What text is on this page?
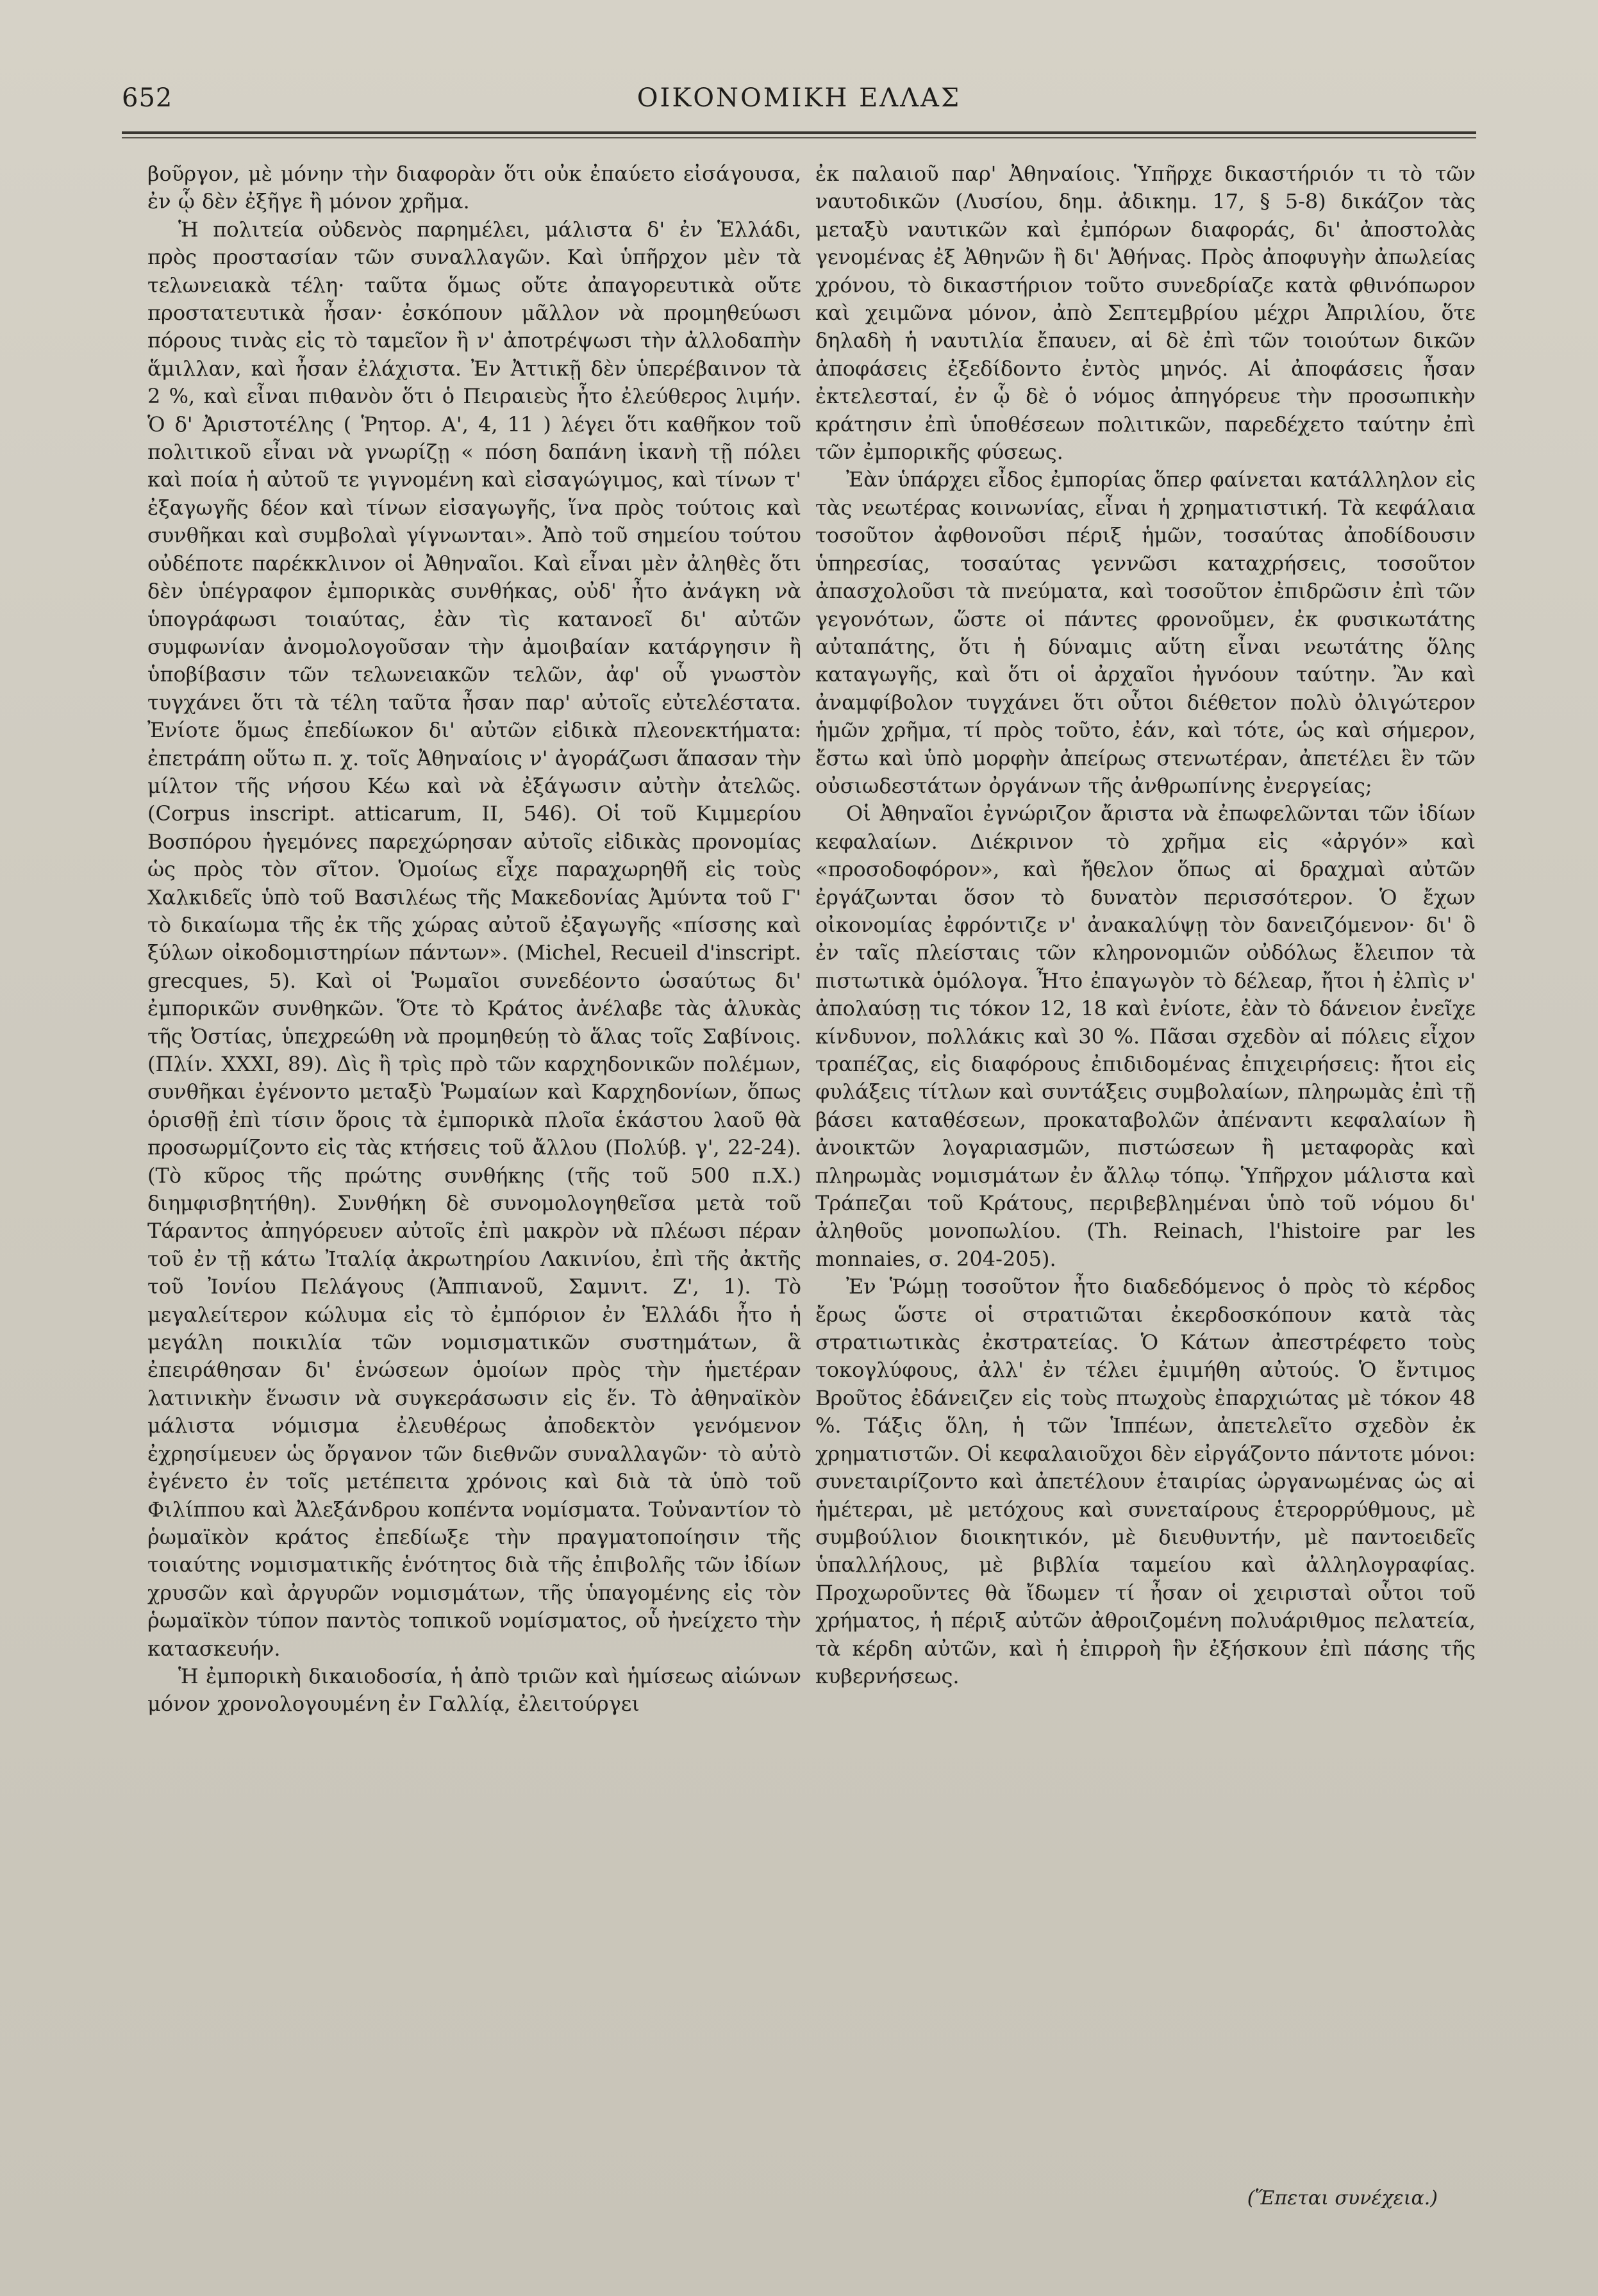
652	ΟΙΚΟΝΟΜΙΚΗ ΕΛΛΑΣ

βοῦργον, μὲ μόνην τὴν διαφορὰν ὅτι οὐκ ἐπαύετο εἰσάγουσα, ἐν ᾧ δὲν ἐξῆγε ἢ μόνον χρῆμα.

Ἡ πολιτεία οὐδενὸς παρημέλει, μάλιστα δ' ἐν Ἑλλάδι, πρὸς προστασίαν τῶν συναλλαγῶν. Καὶ ὑπῆρχον μὲν τὰ τελωνειακὰ τέλη· ταῦτα ὅμως οὔτε ἀπαγορευτικὰ οὔτε προστατευτικὰ ἦσαν· ἐσκόπουν μᾶλλον νὰ προμηθεύωσι πόρους τινὰς εἰς τὸ ταμεῖον ἢ ν' ἀποτρέψωσι τὴν ἀλλοδαπὴν ἅμιλλαν, καὶ ἦσαν ἐλάχιστα. Ἐν Ἀττικῇ δὲν ὑπερέβαινον τὰ 2 %, καὶ εἶναι πιθανὸν ὅτι ὁ Πειραιεὺς ἦτο ἐλεύθερος λιμήν. Ὁ δ' Ἀριστοτέλης ( Ῥητορ. Α', 4, 11 ) λέγει ὅτι καθῆκον τοῦ πολιτικοῦ εἶναι νὰ γνωρίζῃ « πόση δαπάνη ἱκανὴ τῇ πόλει καὶ ποία ἡ αὐτοῦ τε γιγνομένη καὶ εἰσαγώγιμος, καὶ τίνων τ' ἐξαγωγῆς δέον καὶ τίνων εἰσαγωγῆς, ἵνα πρὸς τούτοις καὶ συνθῆκαι καὶ συμβολαὶ γίγνωνται». Ἀπὸ τοῦ σημείου τούτου οὐδέποτε παρέκκλινον οἱ Ἀθηναῖοι. Καὶ εἶναι μὲν ἀληθὲς ὅτι δὲν ὑπέγραφον ἐμπορικὰς συνθήκας, οὐδ' ἦτο ἀνάγκη νὰ ὑπογράφωσι τοιαύτας, ἐὰν τὶς κατανοεῖ δι' αὐτῶν συμφωνίαν ἀνομολογοῦσαν τὴν ἀμοιβαίαν κατάργησιν ἢ ὑποβίβασιν τῶν τελωνειακῶν τελῶν, ἀφ' οὗ γνωστὸν τυγχάνει ὅτι τὰ τέλη ταῦτα ἦσαν παρ' αὐτοῖς εὐτελέστατα. Ἐνίοτε ὅμως ἐπεδίωκον δι' αὐτῶν εἰδικὰ πλεονεκτήματα: ἐπετράπη οὕτω π. χ. τοῖς Ἀθηναίοις ν' ἀγοράζωσι ἅπασαν τὴν μίλτον τῆς νήσου Κέω καὶ νὰ ἐξάγωσιν αὐτὴν ἀτελῶς. (Corpus inscript. atticarum, II, 546). Οἱ τοῦ Κιμμερίου Βοσπόρου ἡγεμόνες παρεχώρησαν αὐτοῖς εἰδικὰς προνομίας ὡς πρὸς τὸν σῖτον. Ὁμοίως εἶχε παραχωρηθῆ εἰς τοὺς Χαλκιδεῖς ὑπὸ τοῦ Βασιλέως τῆς Μακεδονίας Ἀμύντα τοῦ Γ' τὸ δικαίωμα τῆς ἐκ τῆς χώρας αὐτοῦ ἐξαγωγῆς «πίσσης καὶ ξύλων οἰκοδομιστηρίων πάντων». (Michel, Recueil d'inscript. grecques, 5). Καὶ οἱ Ῥωμαῖοι συνεδέοντο ὡσαύτως δι' ἐμπορικῶν συνθηκῶν. Ὅτε τὸ Κράτος ἀνέλαβε τὰς ἁλυκὰς τῆς Ὀστίας, ὑπεχρεώθη νὰ προμηθεύῃ τὸ ἅλας τοῖς Σαβίνοις. (Πλίν. XXXI, 89). Δὶς ἢ τρὶς πρὸ τῶν καρχηδονικῶν πολέμων, συνθῆκαι ἐγένοντο μεταξὺ Ῥωμαίων καὶ Καρχηδονίων, ὅπως ὁρισθῇ ἐπὶ τίσιν ὅροις τὰ ἐμπορικὰ πλοῖα ἑκάστου λαοῦ θὰ προσωρμίζοντο εἰς τὰς κτήσεις τοῦ ἄλλου (Πολύβ. γ', 22-24). (Τὸ κῦρος τῆς πρώτης συνθήκης (τῆς τοῦ 500 π.Χ.) διημφισβητήθη). Συνθήκη δὲ συνομολογηθεῖσα μετὰ τοῦ Τάραντος ἀπηγόρευεν αὐτοῖς ἐπὶ μακρὸν νὰ πλέωσι πέραν τοῦ ἐν τῇ κάτω Ἰταλίᾳ ἀκρωτηρίου Λακινίου, ἐπὶ τῆς ἀκτῆς τοῦ Ἰονίου Πελάγους (Ἀππιανοῦ, Σαμνιτ. Ζ', 1). Τὸ μεγαλείτερον κώλυμα εἰς τὸ ἐμπόριον ἐν Ἑλλάδι ἦτο ἡ μεγάλη ποικιλία τῶν νομισματικῶν συστημάτων, ἃ ἐπειράθησαν δι' ἑνώσεων ὁμοίων πρὸς τὴν ἡμετέραν λατινικὴν ἕνωσιν νὰ συγκεράσωσιν εἰς ἕν. Τὸ ἀθηναϊκὸν μάλιστα νόμισμα ἐλευθέρως ἀποδεκτὸν γενόμενον ἐχρησίμευεν ὡς ὄργανον τῶν διεθνῶν συναλλαγῶν· τὸ αὐτὸ ἐγένετο ἐν τοῖς μετέπειτα χρόνοις καὶ διὰ τὰ ὑπὸ τοῦ Φιλίππου καὶ Ἀλεξάνδρου κοπέντα νομίσματα. Τοὐναντίον τὸ ῥωμαϊκὸν κράτος ἐπεδίωξε τὴν πραγματοποίησιν τῆς τοιαύτης νομισματικῆς ἑνότητος διὰ τῆς ἐπιβολῆς τῶν ἰδίων χρυσῶν καὶ ἀργυρῶν νομισμάτων, τῆς ὑπαγομένης εἰς τὸν ῥωμαϊκὸν τύπον παντὸς τοπικοῦ νομίσματος, οὗ ἠνείχετο τὴν κατασκευήν.

Ἡ ἐμπορικὴ δικαιοδοσία, ἡ ἀπὸ τριῶν καὶ ἡμίσεως αἰώνων μόνον χρονολογουμένη ἐν Γαλλίᾳ, ἐλειτούργει

ἐκ παλαιοῦ παρ' Ἀθηναίοις. Ὑπῆρχε δικαστήριόν τι τὸ τῶν ναυτοδικῶν (Λυσίου, δημ. ἀδικημ. 17, § 5-8) δικάζον τὰς μεταξὺ ναυτικῶν καὶ ἐμπόρων διαφοράς, δι' ἀποστολὰς γενομένας ἐξ Ἀθηνῶν ἢ δι' Ἀθήνας. Πρὸς ἀποφυγὴν ἀπωλείας χρόνου, τὸ δικαστήριον τοῦτο συνεδρίαζε κατὰ φθινόπωρον καὶ χειμῶνα μόνον, ἀπὸ Σεπτεμβρίου μέχρι Ἀπριλίου, ὅτε δηλαδὴ ἡ ναυτιλία ἔπαυεν, αἱ δὲ ἐπὶ τῶν τοιούτων δικῶν ἀποφάσεις ἐξεδίδοντο ἐντὸς μηνός. Αἱ ἀποφάσεις ἦσαν ἐκτελεσταί, ἐν ᾧ δὲ ὁ νόμος ἀπηγόρευε τὴν προσωπικὴν κράτησιν ἐπὶ ὑποθέσεων πολιτικῶν, παρεδέχετο ταύτην ἐπὶ τῶν ἐμπορικῆς φύσεως.

Ἐὰν ὑπάρχει εἶδος ἐμπορίας ὅπερ φαίνεται κατάλληλον εἰς τὰς νεωτέρας κοινωνίας, εἶναι ἡ χρηματιστική. Τὰ κεφάλαια τοσοῦτον ἀφθονοῦσι πέριξ ἡμῶν, τοσαύτας ἀποδίδουσιν ὑπηρεσίας, τοσαύτας γεννῶσι καταχρήσεις, τοσοῦτον ἀπασχολοῦσι τὰ πνεύματα, καὶ τοσοῦτον ἐπιδρῶσιν ἐπὶ τῶν γεγονότων, ὥστε οἱ πάντες φρονοῦμεν, ἐκ φυσικωτάτης αὐταπάτης, ὅτι ἡ δύναμις αὕτη εἶναι νεωτάτης ὅλης καταγωγῆς, καὶ ὅτι οἱ ἀρχαῖοι ἠγνόουν ταύτην. Ἂν καὶ ἀναμφίβολον τυγχάνει ὅτι οὗτοι διέθετον πολὺ ὀλιγώτερον ἡμῶν χρῆμα, τί πρὸς τοῦτο, ἐάν, καὶ τότε, ὡς καὶ σήμερον, ἔστω καὶ ὑπὸ μορφὴν ἀπείρως στενωτέραν, ἀπετέλει ἓν τῶν οὐσιωδεστάτων ὀργάνων τῆς ἀνθρωπίνης ἐνεργείας;

Οἱ Ἀθηναῖοι ἐγνώριζον ἄριστα νὰ ἐπωφελῶνται τῶν ἰδίων κεφαλαίων. Διέκρινον τὸ χρῆμα εἰς «ἀργόν» καὶ «προσοδοφόρον», καὶ ἤθελον ὅπως αἱ δραχμαὶ αὐτῶν ἐργάζωνται ὅσον τὸ δυνατὸν περισσότερον. Ὁ ἔχων οἰκονομίας ἐφρόντιζε ν' ἀνακαλύψῃ τὸν δανειζόμενον· δι' ὃ ἐν ταῖς πλείσταις τῶν κληρονομιῶν οὐδόλως ἔλειπον τὰ πιστωτικὰ ὁμόλογα. Ἦτο ἐπαγωγὸν τὸ δέλεαρ, ἤτοι ἡ ἐλπὶς ν' ἀπολαύσῃ τις τόκον 12, 18 καὶ ἐνίοτε, ἐὰν τὸ δάνειον ἐνεῖχε κίνδυνον, πολλάκις καὶ 30 %. Πᾶσαι σχεδὸν αἱ πόλεις εἶχον τραπέζας, εἰς διαφόρους ἐπιδιδομένας ἐπιχειρήσεις: ἤτοι εἰς φυλάξεις τίτλων καὶ συντάξεις συμβολαίων, πληρωμὰς ἐπὶ τῇ βάσει καταθέσεων, προκαταβολῶν ἀπέναντι κεφαλαίων ἢ ἀνοικτῶν λογαριασμῶν, πιστώσεων ἢ μεταφορὰς καὶ πληρωμὰς νομισμάτων ἐν ἄλλῳ τόπῳ. Ὑπῆρχον μάλιστα καὶ Τράπεζαι τοῦ Κράτους, περιβεβλημέναι ὑπὸ τοῦ νόμου δι' ἀληθοῦς μονοπωλίου. (Th. Reinach, l'histoire par les monnaies, σ. 204-205).

Ἐν Ῥώμῃ τοσοῦτον ἦτο διαδεδόμενος ὁ πρὸς τὸ κέρδος ἔρως ὥστε οἱ στρατιῶται ἐκερδοσκόπουν κατὰ τὰς στρατιωτικὰς ἐκστρατείας. Ὁ Κάτων ἀπεστρέφετο τοὺς τοκογλύφους, ἀλλ' ἐν τέλει ἐμιμήθη αὐτούς. Ὁ ἔντιμος Βροῦτος ἐδάνειζεν εἰς τοὺς πτωχοὺς ἐπαρχιώτας μὲ τόκον 48 %. Τάξις ὅλη, ἡ τῶν Ἱππέων, ἀπετελεῖτο σχεδὸν ἐκ χρηματιστῶν. Οἱ κεφαλαιοῦχοι δὲν εἰργάζοντο πάντοτε μόνοι: συνεταιρίζοντο καὶ ἀπετέλουν ἑταιρίας ὠργανωμένας ὡς αἱ ἡμέτεραι, μὲ μετόχους καὶ συνεταίρους ἑτερορρύθμους, μὲ συμβούλιον διοικητικόν, μὲ διευθυντήν, μὲ παντοειδεῖς ὑπαλλήλους, μὲ βιβλία ταμείου καὶ ἀλληλογραφίας. Προχωροῦντες θὰ ἴδωμεν τί ἦσαν οἱ χειρισταὶ οὗτοι τοῦ χρήματος, ἡ πέριξ αὐτῶν ἀθροιζομένη πολυάριθμος πελατεία, τὰ κέρδη αὐτῶν, καὶ ἡ ἐπιρροὴ ἣν ἐξήσκουν ἐπὶ πάσης τῆς κυβερνήσεως.

(Ἕπεται συνέχεια.)
